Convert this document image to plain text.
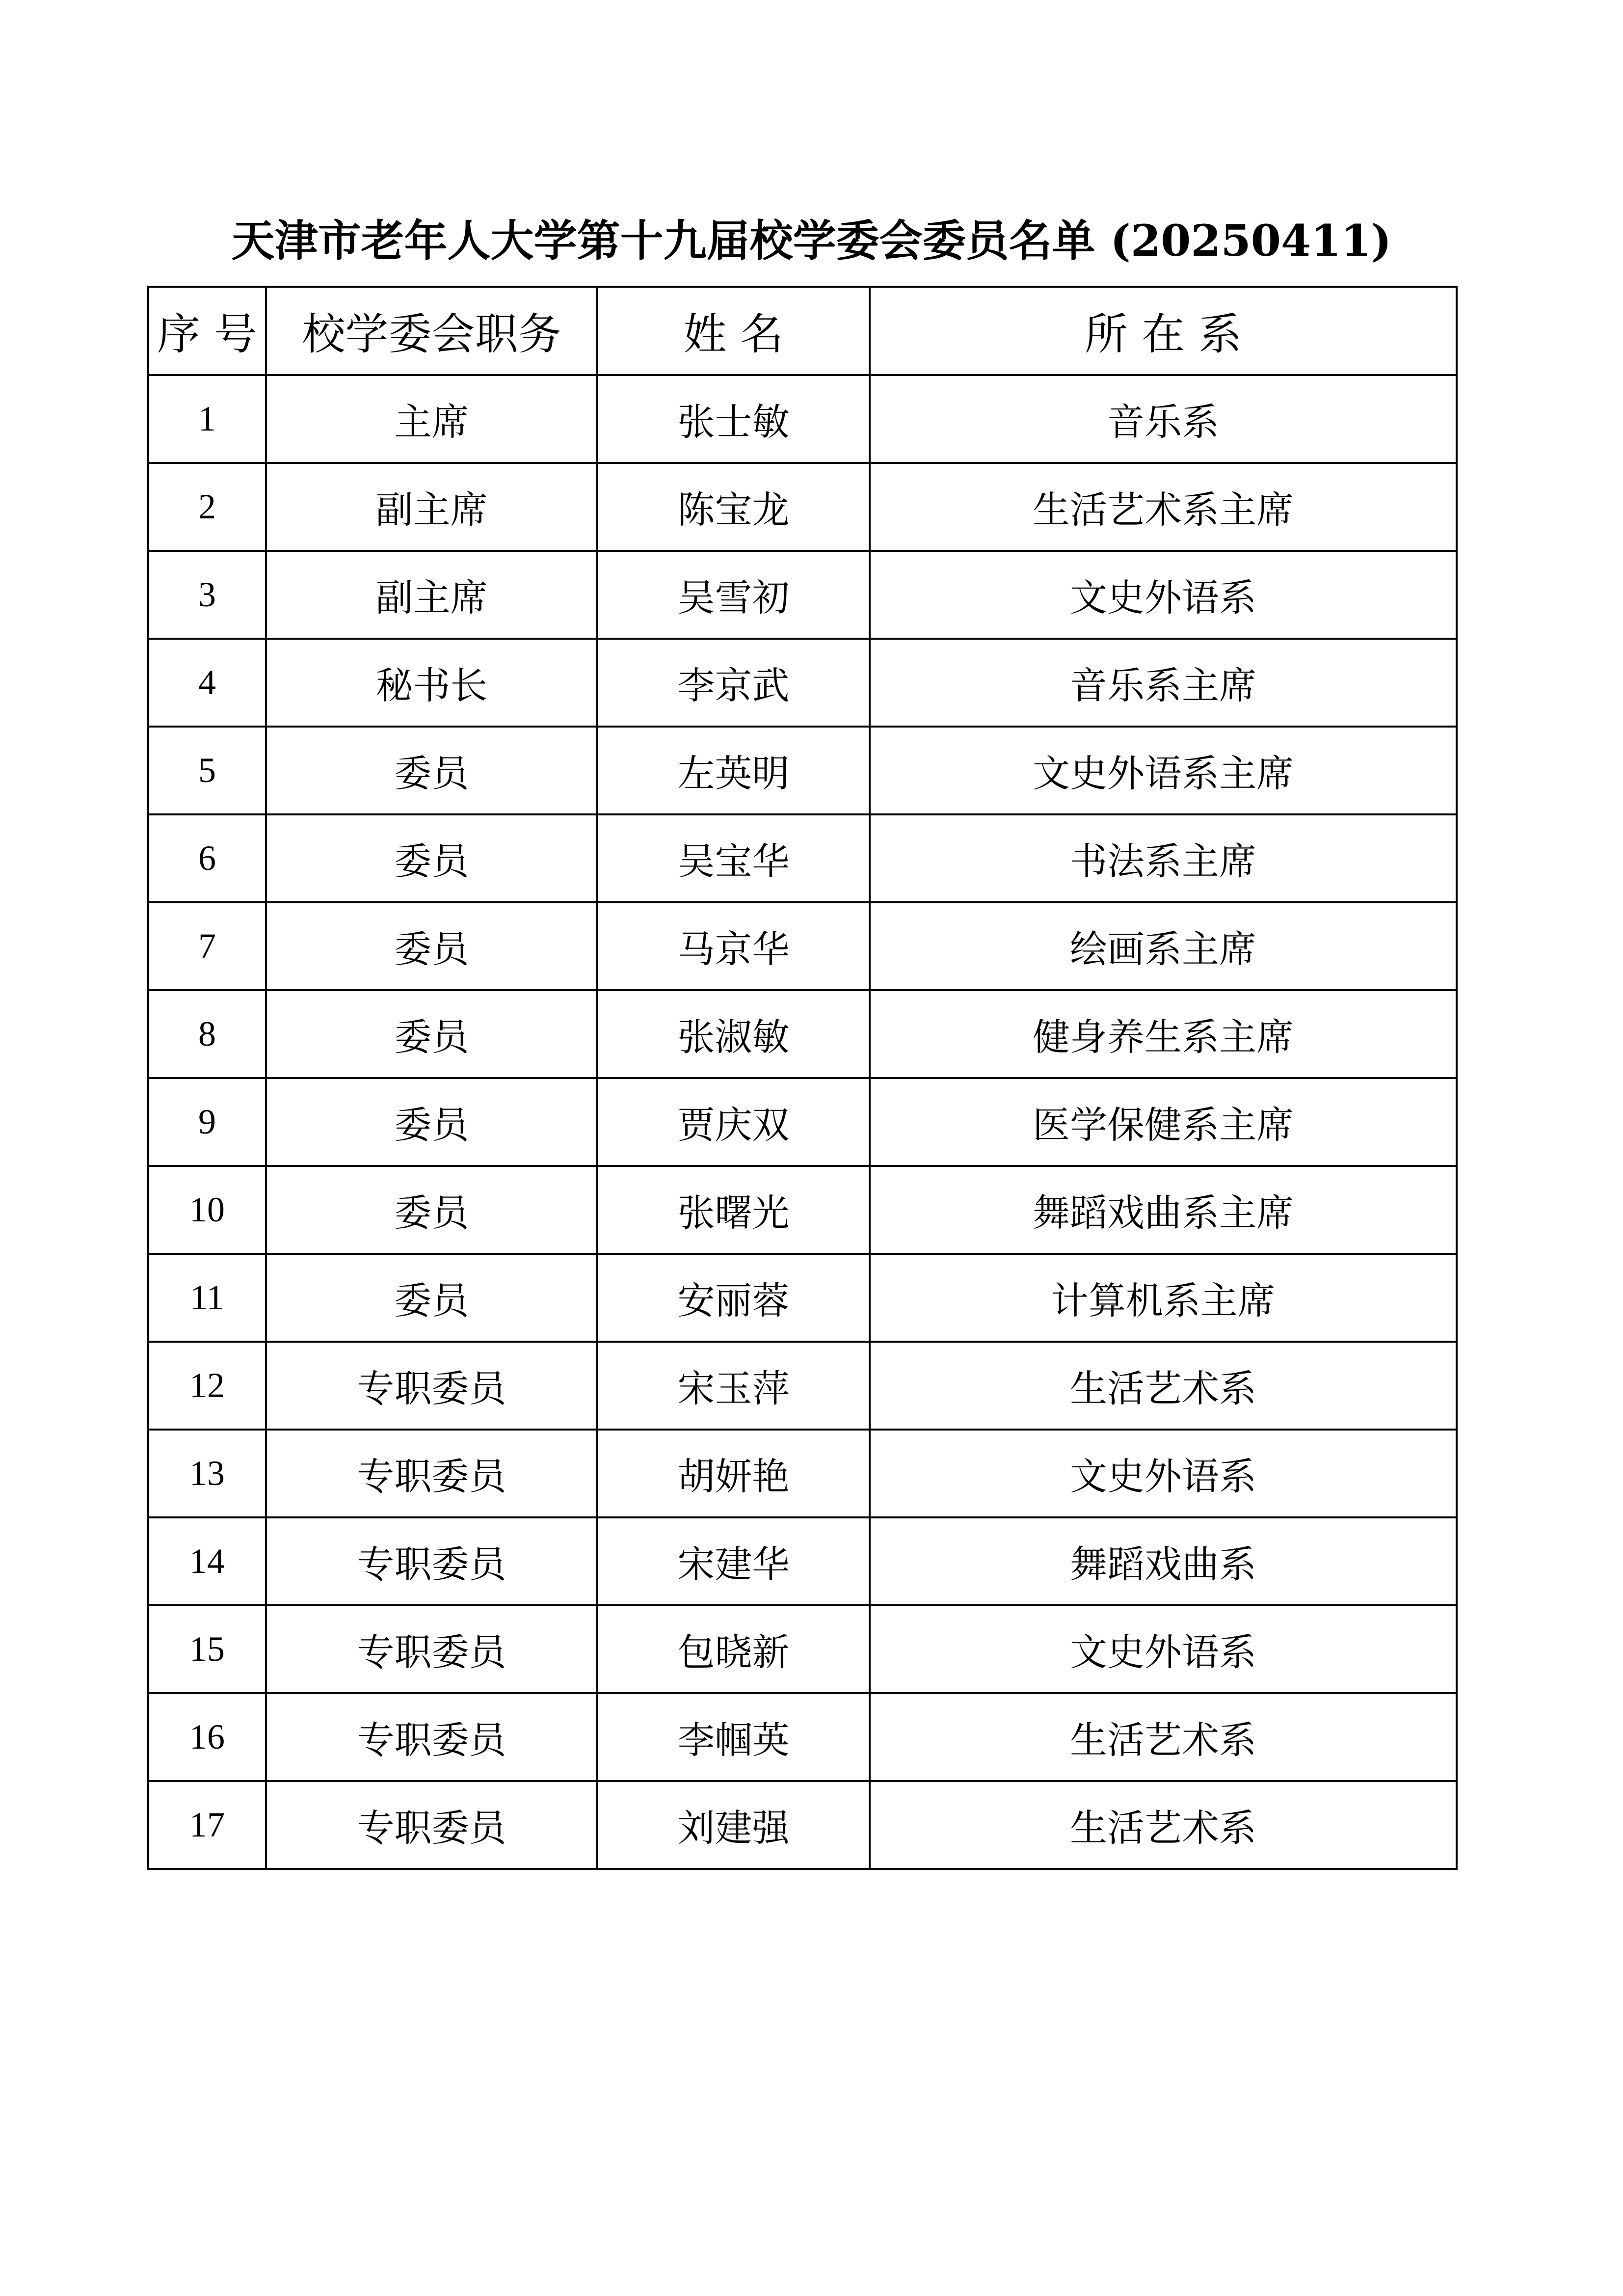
天津市老年人大学第十九届校学委会委员名单 (20250411)
序 号	校学委会职务	姓 名	所 在 系
1	主席	张士敏	音乐系
2	副主席	陈宝龙	生活艺术系主席
3	副主席	吴雪初	文史外语系
4	秘书长	李京武	音乐系主席
5	委员	左英明	文史外语系主席
6	委员	吴宝华	书法系主席
7	委员	马京华	绘画系主席
8	委员	张淑敏	健身养生系主席
9	委员	贾庆双	医学保健系主席
10	委员	张曙光	舞蹈戏曲系主席
11	委员	安丽蓉	计算机系主席
12	专职委员	宋玉萍	生活艺术系
13	专职委员	胡妍艳	文史外语系
14	专职委员	宋建华	舞蹈戏曲系
15	专职委员	包晓新	文史外语系
16	专职委员	李帼英	生活艺术系
17	专职委员	刘建强	生活艺术系
